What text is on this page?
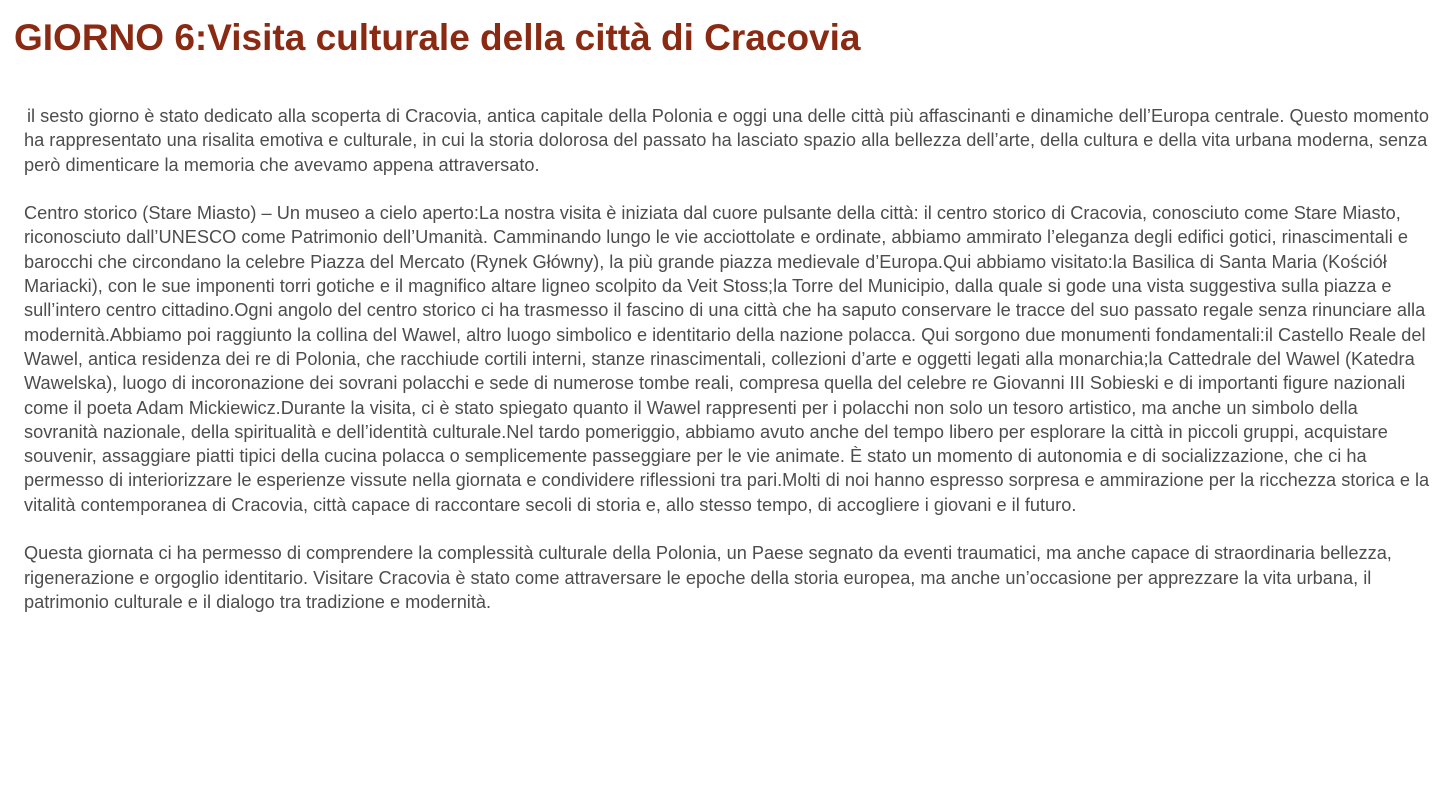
GIORNO 6:Visita culturale della città di Cracovia

il sesto giorno è stato dedicato alla scoperta di Cracovia, antica capitale della Polonia e oggi una delle città più affascinanti e dinamiche dell’Europa centrale. Questo momento ha rappresentato una risalita emotiva e culturale, in cui la storia dolorosa del passato ha lasciato spazio alla bellezza dell’arte, della cultura e della vita urbana moderna, senza però dimenticare la memoria che avevamo appena attraversato.

Centro storico (Stare Miasto) – Un museo a cielo aperto:La nostra visita è iniziata dal cuore pulsante della città: il centro storico di Cracovia, conosciuto come Stare Miasto, riconosciuto dall’UNESCO come Patrimonio dell’Umanità. Camminando lungo le vie acciottolate e ordinate, abbiamo ammirato l’eleganza degli edifici gotici, rinascimentali e barocchi che circondano la celebre Piazza del Mercato (Rynek Główny), la più grande piazza medievale d’Europa.Qui abbiamo visitato:la Basilica di Santa Maria (Kościół Mariacki), con le sue imponenti torri gotiche e il magnifico altare ligneo scolpito da Veit Stoss;la Torre del Municipio, dalla quale si gode una vista suggestiva sulla piazza e sull’intero centro cittadino.Ogni angolo del centro storico ci ha trasmesso il fascino di una città che ha saputo conservare le tracce del suo passato regale senza rinunciare alla modernità.Abbiamo poi raggiunto la collina del Wawel, altro luogo simbolico e identitario della nazione polacca. Qui sorgono due monumenti fondamentali:il Castello Reale del Wawel, antica residenza dei re di Polonia, che racchiude cortili interni, stanze rinascimentali, collezioni d’arte e oggetti legati alla monarchia;la Cattedrale del Wawel (Katedra Wawelska), luogo di incoronazione dei sovrani polacchi e sede di numerose tombe reali, compresa quella del celebre re Giovanni III Sobieski e di importanti figure nazionali come il poeta Adam Mickiewicz.Durante la visita, ci è stato spiegato quanto il Wawel rappresenti per i polacchi non solo un tesoro artistico, ma anche un simbolo della sovranità nazionale, della spiritualità e dell’identità culturale.Nel tardo pomeriggio, abbiamo avuto anche del tempo libero per esplorare la città in piccoli gruppi, acquistare souvenir, assaggiare piatti tipici della cucina polacca o semplicemente passeggiare per le vie animate. È stato un momento di autonomia e di socializzazione, che ci ha permesso di interiorizzare le esperienze vissute nella giornata e condividere riflessioni tra pari.Molti di noi hanno espresso sorpresa e ammirazione per la ricchezza storica e la vitalità contemporanea di Cracovia, città capace di raccontare secoli di storia e, allo stesso tempo, di accogliere i giovani e il futuro.

Questa giornata ci ha permesso di comprendere la complessità culturale della Polonia, un Paese segnato da eventi traumatici, ma anche capace di straordinaria bellezza, rigenerazione e orgoglio identitario. Visitare Cracovia è stato come attraversare le epoche della storia europea, ma anche un’occasione per apprezzare la vita urbana, il patrimonio culturale e il dialogo tra tradizione e modernità.
